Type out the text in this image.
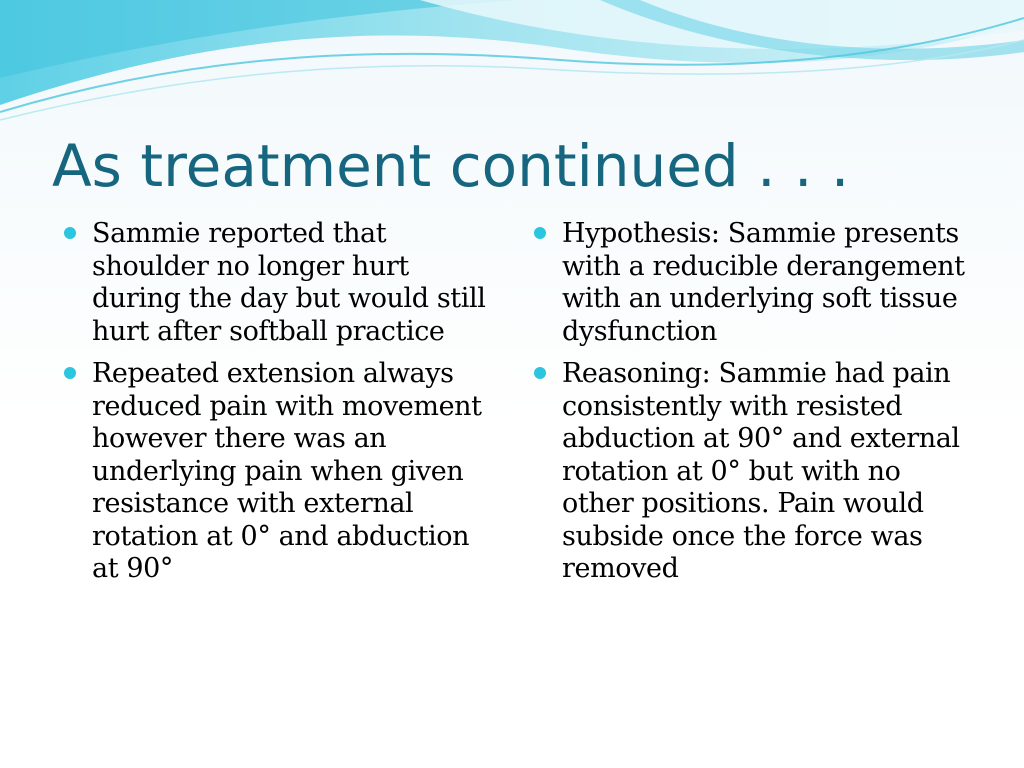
As treatment continued . . .
Sammie reported that shoulder no longer hurt during the day but would still hurt after softball practice
Repeated extension always reduced pain with movement however there was an underlying pain when given resistance with external rotation at 0° and abduction at 90°
Hypothesis: Sammie presents with a reducible derangement with an underlying soft tissue dysfunction
Reasoning: Sammie had pain consistently with resisted abduction at 90° and external rotation at 0° but with no other positions. Pain would subside once the force was removed
